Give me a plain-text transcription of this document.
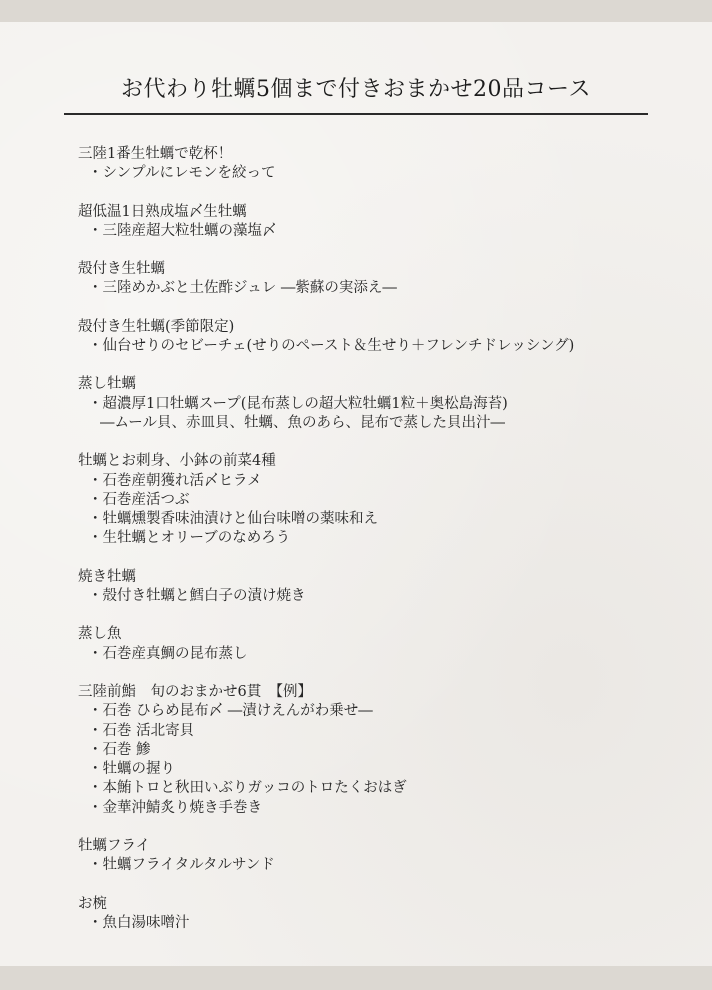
お代わり牡蠣5個まで付きおまかせ20品コース
三陸1番生牡蠣で乾杯！
・シンプルにレモンを絞って
超低温1日熟成塩〆生牡蠣
・三陸産超大粒牡蠣の藻塩〆
殻付き生牡蠣
・三陸めかぶと土佐酢ジュレ ―紫蘇の実添え―
殻付き生牡蠣(季節限定)
・仙台せりのセビーチェ(せりのペースト＆生せり＋フレンチドレッシング)
蒸し牡蠣
・超濃厚1口牡蠣スープ(昆布蒸しの超大粒牡蠣1粒＋奥松島海苔)
―ムール貝、赤皿貝、牡蠣、魚のあら、昆布で蒸した貝出汁―
牡蠣とお刺身、小鉢の前菜4種
・石巻産朝獲れ活〆ヒラメ
・石巻産活つぶ
・牡蠣燻製香味油漬けと仙台味噌の薬味和え
・生牡蠣とオリーブのなめろう
焼き牡蠣
・殻付き牡蠣と鱈白子の漬け焼き
蒸し魚
・石巻産真鯛の昆布蒸し
三陸前鮨　旬のおまかせ6貫　【例】
・石巻 ひらめ昆布〆 ―漬けえんがわ乗せ―
・石巻 活北寄貝
・石巻 鯵
・牡蠣の握り
・本鮪トロと秋田いぶりガッコのトロたくおはぎ
・金華沖鯖炙り焼き手巻き
牡蠣フライ
・牡蠣フライタルタルサンド
お椀
・魚白湯味噌汁
